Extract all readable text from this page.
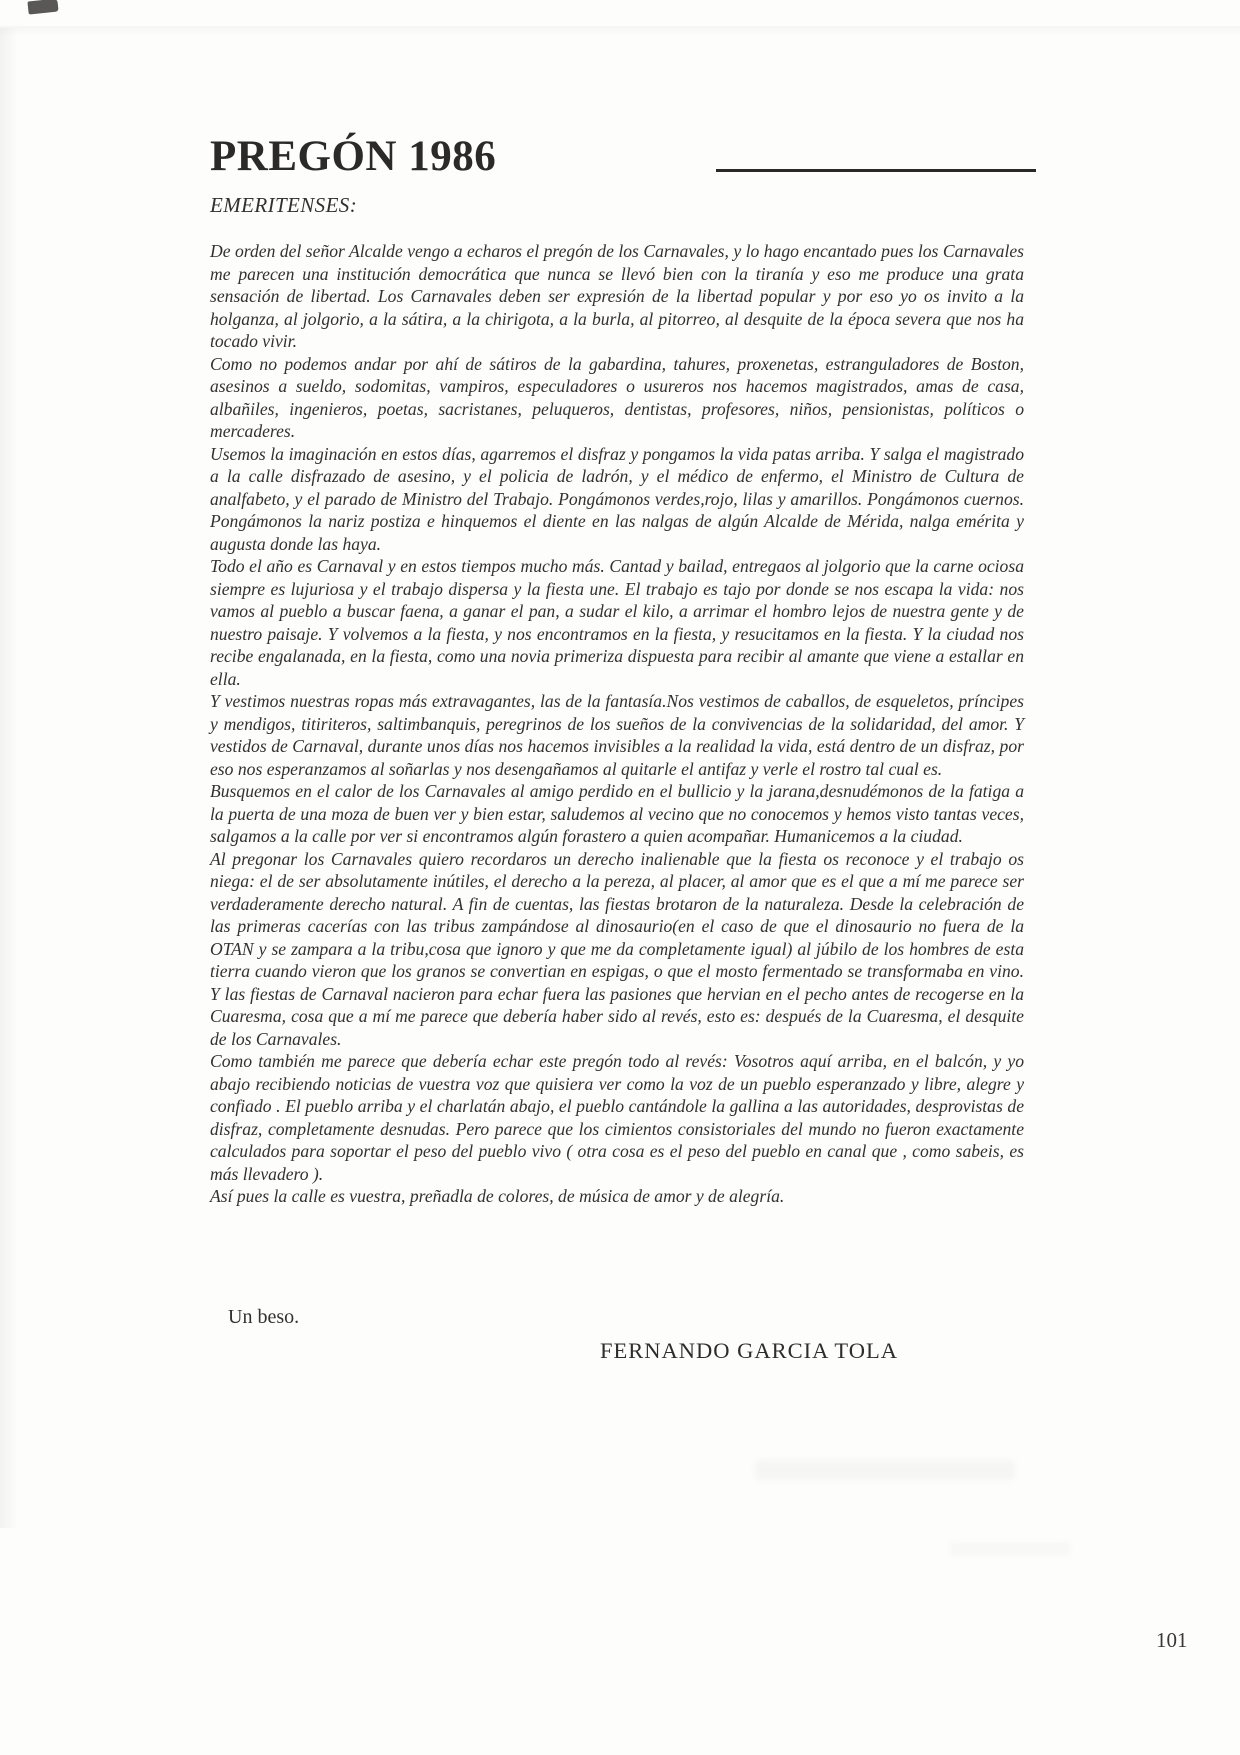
PREGÓN 1986
EMERITENSES:

De orden del señor Alcalde vengo a echaros el pregón de los Carnavales, y lo hago encantado pues los Carnavales me parecen una institución democrática que nunca se llevó bien con la tiranía y eso me produce una grata sensación de libertad. Los Carnavales deben ser expresión de la libertad popular y por eso yo os invito a la holganza, al jolgorio, a la sátira, a la chirigota, a la burla, al pitorreo, al desquite de la época severa que nos ha tocado vivir.

Como no podemos andar por ahí de sátiros de la gabardina, tahures, proxenetas, estranguladores de Boston, asesinos a sueldo, sodomitas, vampiros, especuladores o usureros nos hacemos magistrados, amas de casa, albañiles, ingenieros, poetas, sacristanes, peluqueros, dentistas, profesores, niños, pensionistas, políticos o mercaderes.

Usemos la imaginación en estos días, agarremos el disfraz y pongamos la vida patas arriba. Y salga el magistrado a la calle disfrazado de asesino, y el policia de ladrón, y el médico de enfermo, el Ministro de Cultura de analfabeto, y el parado de Ministro del Trabajo. Pongámonos verdes,rojo, lilas y amarillos. Pongámonos cuernos. Pongámonos la nariz postiza e hinquemos el diente en las nalgas de algún Alcalde de Mérida, nalga emérita y augusta donde las haya.

Todo el año es Carnaval y en estos tiempos mucho más. Cantad y bailad, entregaos al jolgorio que la carne ociosa siempre es lujuriosa y el trabajo dispersa y la fiesta une. El trabajo es tajo por donde se nos escapa la vida: nos vamos al pueblo a buscar faena, a ganar el pan, a sudar el kilo, a arrimar el hombro lejos de nuestra gente y de nuestro paisaje. Y volvemos a la fiesta, y nos encontramos en la fiesta, y resucitamos en la fiesta. Y la ciudad nos recibe engalanada, en la fiesta, como una novia primeriza dispuesta para recibir al amante que viene a estallar en ella.

Y vestimos nuestras ropas más extravagantes, las de la fantasía.Nos vestimos de caballos, de esqueletos, príncipes y mendigos, titiriteros, saltimbanquis, peregrinos de los sueños de la convivencias de la solidaridad, del amor. Y vestidos de Carnaval, durante unos días nos hacemos invisibles a la realidad la vida, está dentro de un disfraz, por eso nos esperanzamos al soñarlas y nos desengañamos al quitarle el antifaz y verle el rostro tal cual es.

Busquemos en el calor de los Carnavales al amigo perdido en el bullicio y la jarana,desnudémonos de la fatiga a la puerta de una moza de buen ver y bien estar, saludemos al vecino que no conocemos y hemos visto tantas veces, salgamos a la calle por ver si encontramos algún forastero a quien acompañar. Humanicemos a la ciudad.

Al pregonar los Carnavales quiero recordaros un derecho inalienable que la fiesta os reconoce y el trabajo os niega: el de ser absolutamente inútiles, el derecho a la pereza, al placer, al amor que es el que a mí me parece ser verdaderamente derecho natural. A fin de cuentas, las fiestas brotaron de la naturaleza. Desde la celebración de las primeras cacerías con las tribus zampándose al dinosaurio(en el caso de que el dinosaurio no fuera de la OTAN y se zampara a la tribu,cosa que ignoro y que me da completamente igual) al júbilo de los hombres de esta tierra cuando vieron que los granos se convertian en espigas, o que el mosto fermentado se transformaba en vino. Y las fiestas de Carnaval nacieron para echar fuera las pasiones que hervian en el pecho antes de recogerse en la Cuaresma, cosa que a mí me parece que debería haber sido al revés, esto es: después de la Cuaresma, el desquite de los Carnavales.

Como también me parece que debería echar este pregón todo al revés: Vosotros aquí arriba, en el balcón, y yo abajo recibiendo noticias de vuestra voz que quisiera ver como la voz de un pueblo esperanzado y libre, alegre y confiado . El pueblo arriba y el charlatán abajo, el pueblo cantándole la gallina a las autoridades, desprovistas de disfraz, completamente desnudas. Pero parece que los cimientos consistoriales del mundo no fueron exactamente calculados para soportar el peso del pueblo vivo ( otra cosa es el peso del pueblo en canal que , como sabeis, es más llevadero ).

Así pues la calle es vuestra, preñadla de colores, de música de amor y de alegría.

Un beso.
FERNANDO GARCIA TOLA
101
